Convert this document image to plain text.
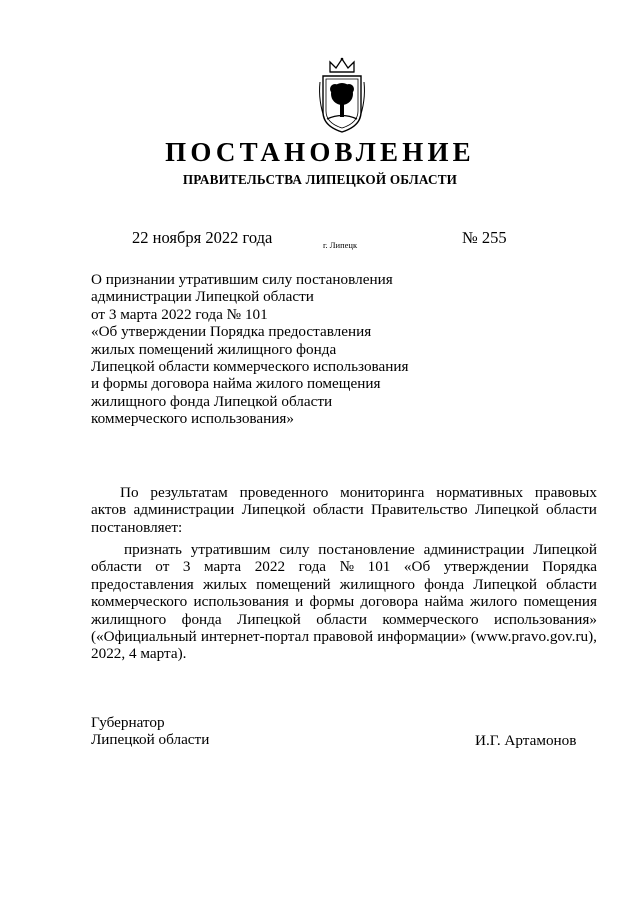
ПОСТАНОВЛЕНИЕ
ПРАВИТЕЛЬСТВА ЛИПЕЦКОЙ ОБЛАСТИ
22 ноября 2022 года	г. Липецк	№ 255
О признании утратившим силу постановления
администрации Липецкой области
от 3 марта 2022 года № 101
«Об утверждении Порядка предоставления
жилых помещений жилищного фонда
Липецкой области коммерческого использования
и формы договора найма жилого помещения
жилищного фонда Липецкой области
коммерческого использования»
По результатам проведенного мониторинга нормативных правовых
актов администрации Липецкой области Правительство Липецкой области
постановляет:
признать утратившим силу постановление администрации Липецкой
области от 3 марта 2022 года № 101 «Об утверждении Порядка
предоставления жилых помещений жилищного фонда Липецкой области
коммерческого использования и формы договора найма жилого помещения
жилищного фонда Липецкой области коммерческого использования»
(«Официальный интернет-портал правовой информации» (www.pravo.gov.ru),
2022, 4 марта).
Губернатор
Липецкой области	И.Г. Артамонов
